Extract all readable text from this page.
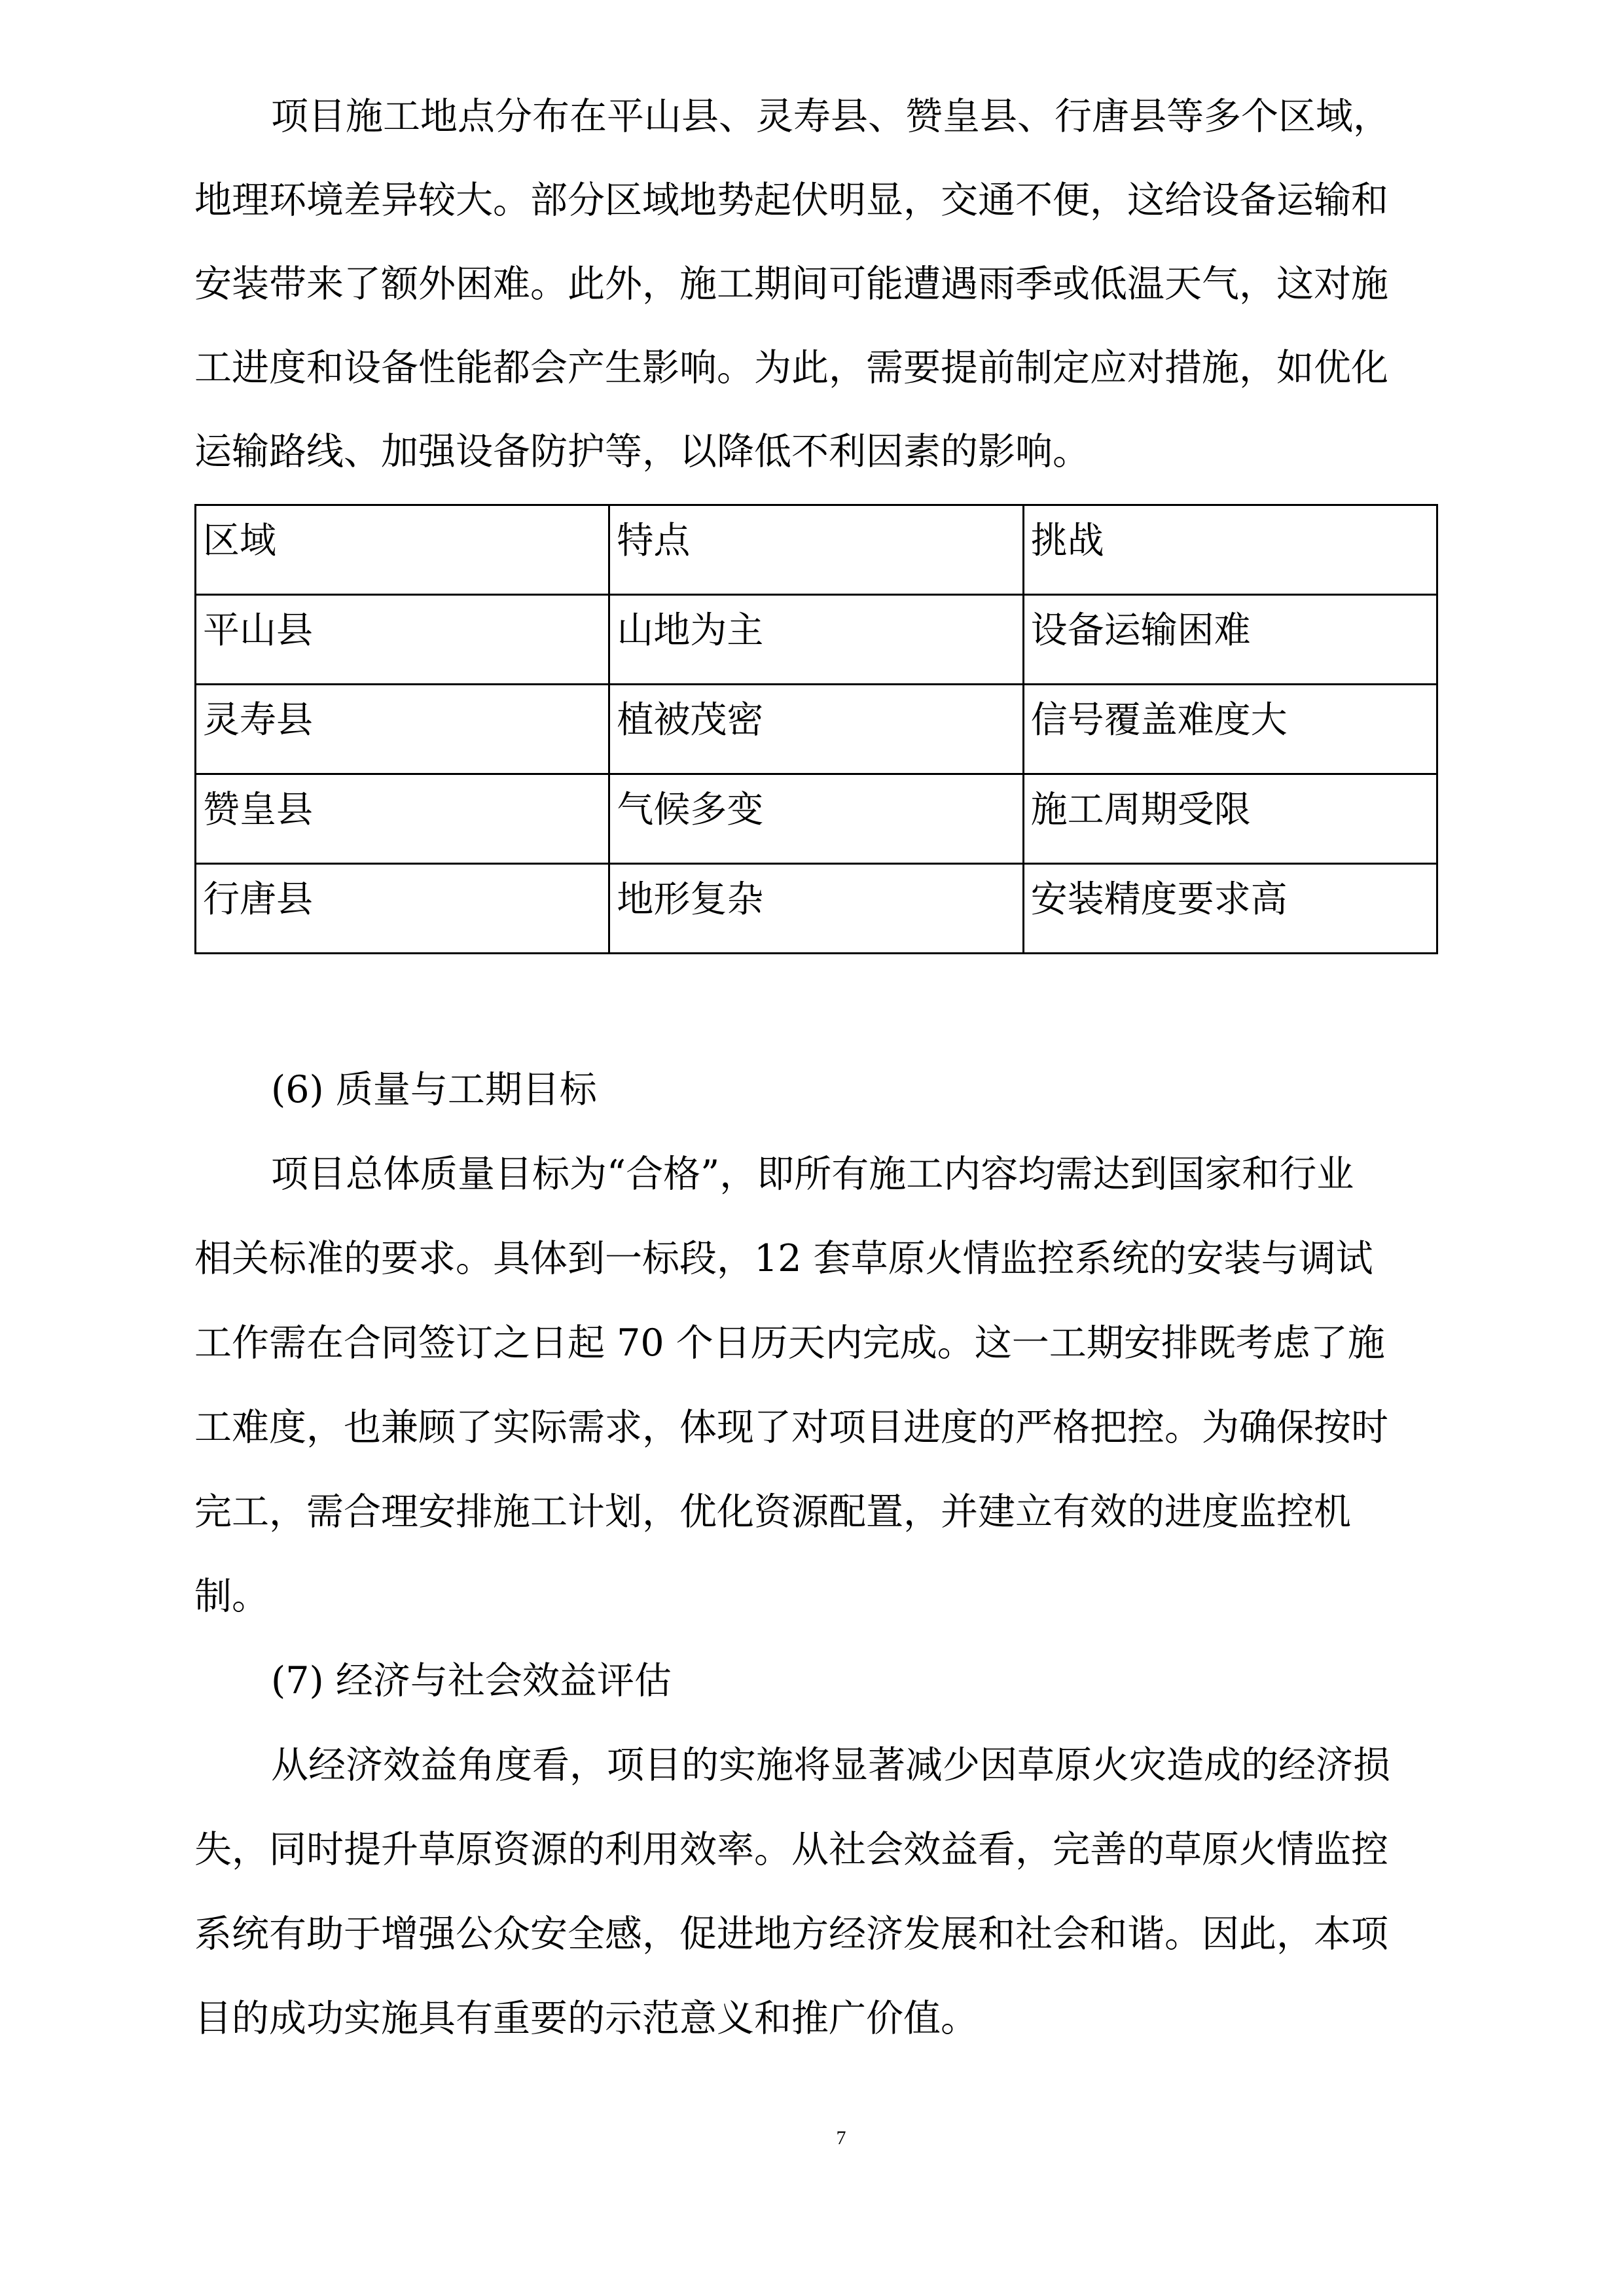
项目施工地点分布在平山县、灵寿县、赞皇县、行唐县等多个区域，
地理环境差异较大。部分区域地势起伏明显，交通不便，这给设备运输和
安装带来了额外困难。此外，施工期间可能遭遇雨季或低温天气，这对施
工进度和设备性能都会产生影响。为此，需要提前制定应对措施，如优化
运输路线、加强设备防护等，以降低不利因素的影响。
区域	特点	挑战
平山县	山地为主	设备运输困难
灵寿县	植被茂密	信号覆盖难度大
赞皇县	气候多变	施工周期受限
行唐县	地形复杂	安装精度要求高
(6) 质量与工期目标
项目总体质量目标为“合格”，即所有施工内容均需达到国家和行业
相关标准的要求。具体到一标段，12 套草原火情监控系统的安装与调试
工作需在合同签订之日起 70 个日历天内完成。这一工期安排既考虑了施
工难度，也兼顾了实际需求，体现了对项目进度的严格把控。为确保按时
完工，需合理安排施工计划，优化资源配置，并建立有效的进度监控机
制。
(7) 经济与社会效益评估
从经济效益角度看，项目的实施将显著减少因草原火灾造成的经济损
失，同时提升草原资源的利用效率。从社会效益看，完善的草原火情监控
系统有助于增强公众安全感，促进地方经济发展和社会和谐。因此，本项
目的成功实施具有重要的示范意义和推广价值。
7
